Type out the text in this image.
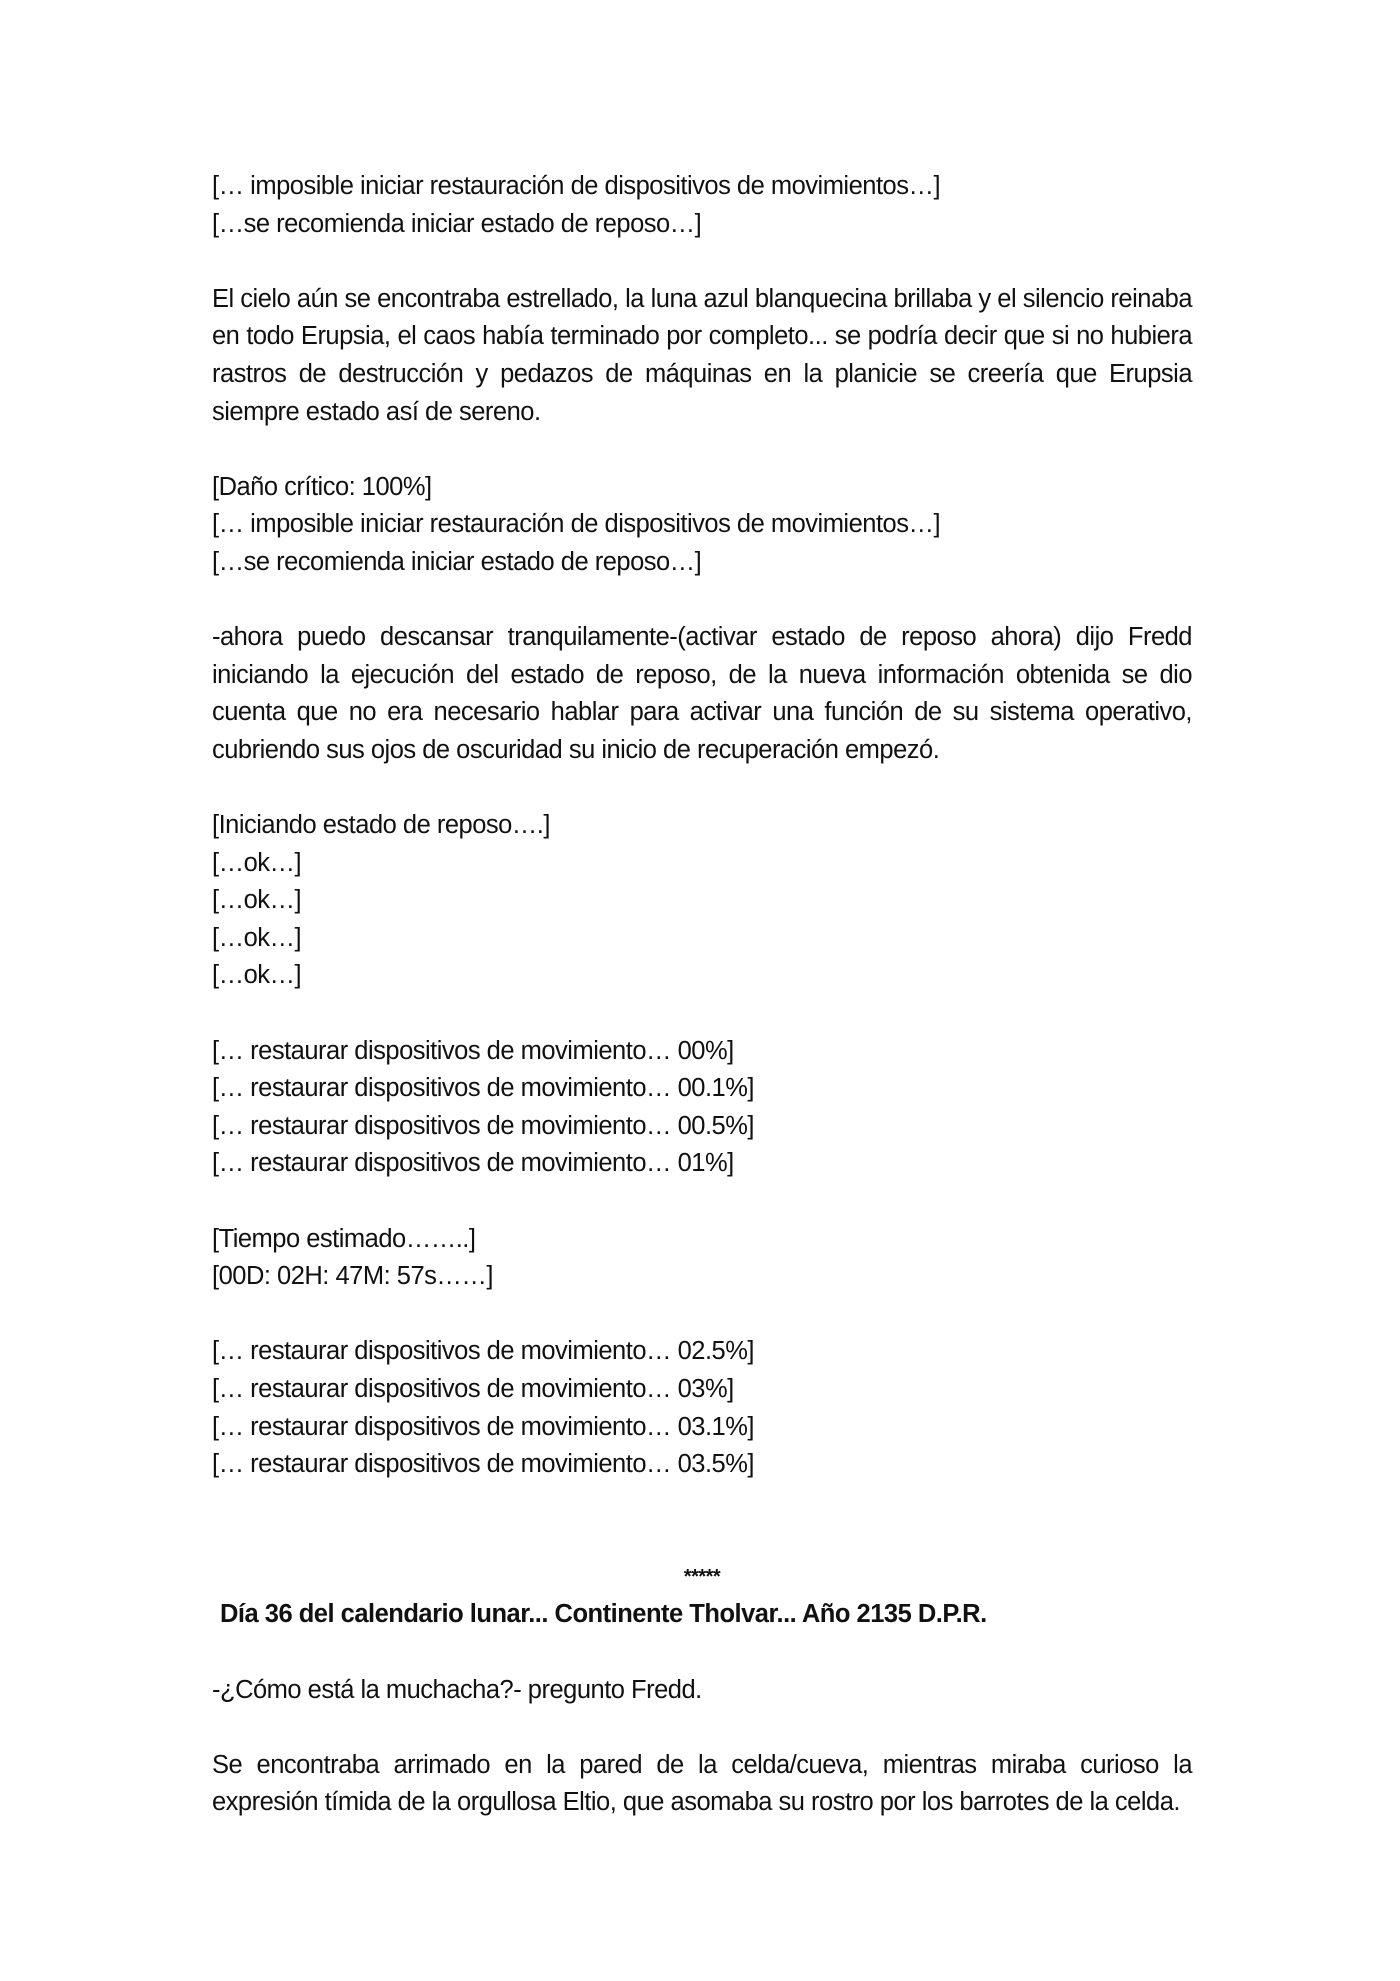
[… imposible iniciar restauración de dispositivos de movimientos…]
[…se recomienda iniciar estado de reposo…]

El cielo aún se encontraba estrellado, la luna azul blanquecina brillaba y el silencio reinaba en todo Erupsia, el caos había terminado por completo... se podría decir que si no hubiera rastros de destrucción y pedazos de máquinas en la planicie se creería que Erupsia siempre estado así de sereno.

[Daño crítico: 100%]
[… imposible iniciar restauración de dispositivos de movimientos…]
[…se recomienda iniciar estado de reposo…]

-ahora puedo descansar tranquilamente-(activar estado de reposo ahora) dijo Fredd iniciando la ejecución del estado de reposo, de la nueva información obtenida se dio cuenta que no era necesario hablar para activar una función de su sistema operativo, cubriendo sus ojos de oscuridad su inicio de recuperación empezó.

[Iniciando estado de reposo….]
[…ok…]
[…ok…]
[…ok…]
[…ok…]
[… restaurar dispositivos de movimiento… 00%]
[… restaurar dispositivos de movimiento… 00.1%]
[… restaurar dispositivos de movimiento… 00.5%]
[… restaurar dispositivos de movimiento… 01%]
[Tiempo estimado……..]
[00D: 02H: 47M: 57s……]
[… restaurar dispositivos de movimiento… 02.5%]
[… restaurar dispositivos de movimiento… 03%]
[… restaurar dispositivos de movimiento… 03.1%]
[… restaurar dispositivos de movimiento… 03.5%]
*****
Día 36 del calendario lunar... Continente Tholvar... Año 2135 D.P.R.
-¿Cómo está la muchacha?- pregunto Fredd.

Se encontraba arrimado en la pared de la celda/cueva, mientras miraba curioso la expresión tímida de la orgullosa Eltio, que asomaba su rostro por los barrotes de la celda.
